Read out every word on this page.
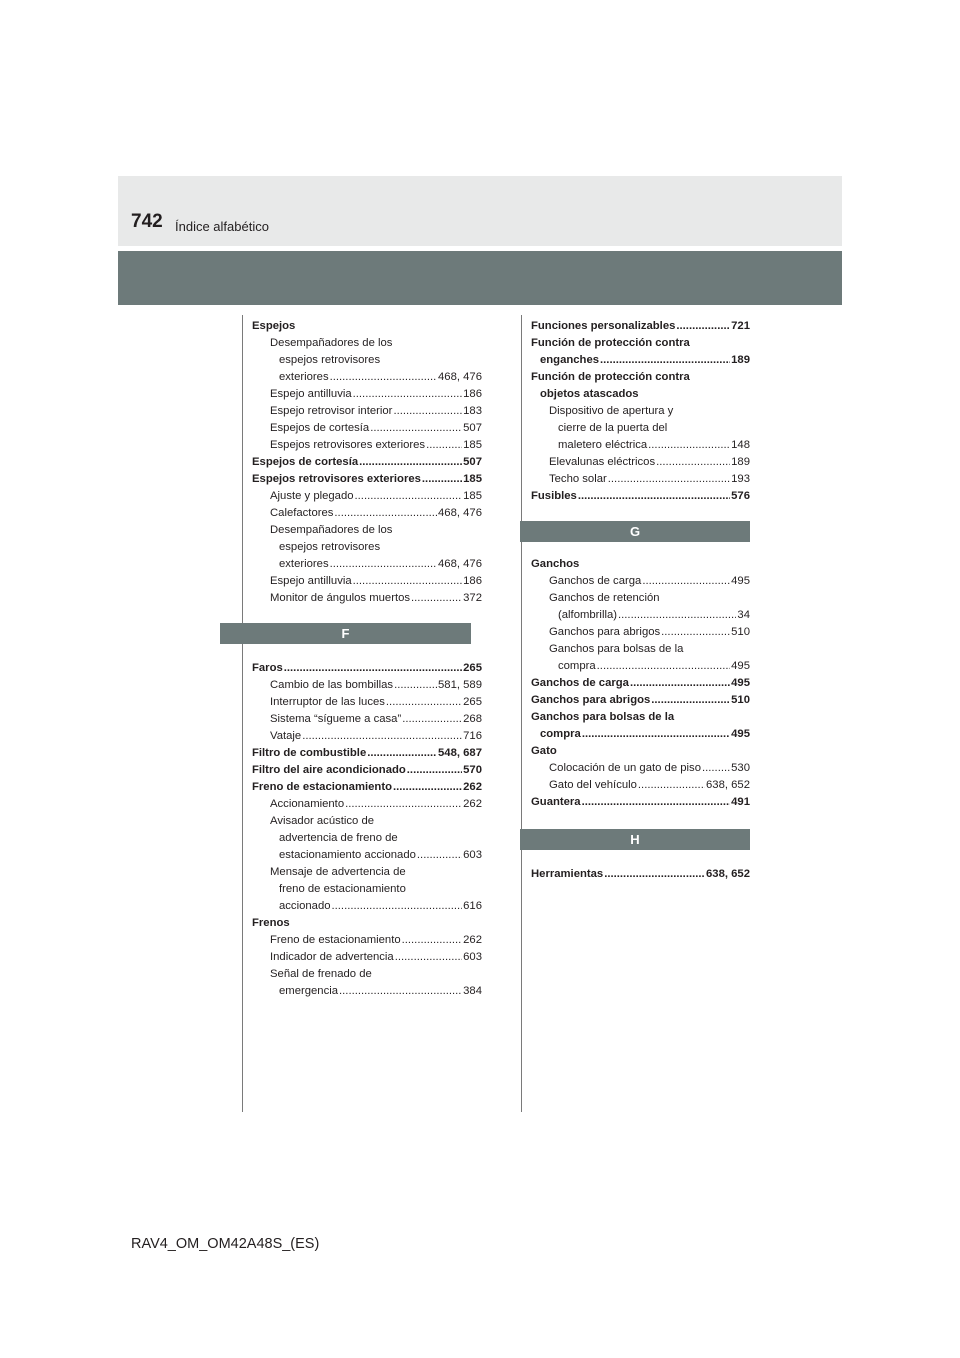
742 Índice alfabético
Espejos
Desempañadores de los
espejos retrovisores
exteriores .....	468, 476
Espejo antilluvia .....	186
Espejo retrovisor interior .....	183
Espejos de cortesía .....	507
Espejos retrovisores exteriores .....	185
Espejos de cortesía .....	507
Espejos retrovisores exteriores .....	185
Ajuste y plegado .....	185
Calefactores .....	468, 476
Desempañadores de los
espejos retrovisores
exteriores .....	468, 476
Espejo antilluvia .....	186
Monitor de ángulos muertos .....	372
F
Faros .....	265
Cambio de las bombillas .....	581, 589
Interruptor de las luces .....	265
Sistema “sígueme a casa” .....	268
Vataje .....	716
Filtro de combustible .....	548, 687
Filtro del aire acondicionado .....	570
Freno de estacionamiento .....	262
Accionamiento .....	262
Avisador acústico de
advertencia de freno de
estacionamiento accionado .....	603
Mensaje de advertencia de
freno de estacionamiento
accionado .....	616
Frenos
Freno de estacionamiento .....	262
Indicador de advertencia .....	603
Señal de frenado de
emergencia .....	384
Funciones personalizables .....	721
Función de protección contra
enganches .....	189
Función de protección contra
objetos atascados
Dispositivo de apertura y
cierre de la puerta del
maletero eléctrica .....	148
Elevalunas eléctricos .....	189
Techo solar .....	193
Fusibles .....	576
G
Ganchos
Ganchos de carga .....	495
Ganchos de retención
(alfombrilla) .....	34
Ganchos para abrigos .....	510
Ganchos para bolsas de la
compra .....	495
Ganchos de carga .....	495
Ganchos para abrigos .....	510
Ganchos para bolsas de la
compra .....	495
Gato
Colocación de un gato de piso .....	530
Gato del vehículo .....	638, 652
Guantera .....	491
H
Herramientas .....	638, 652
RAV4_OM_OM42A48S_(ES)
